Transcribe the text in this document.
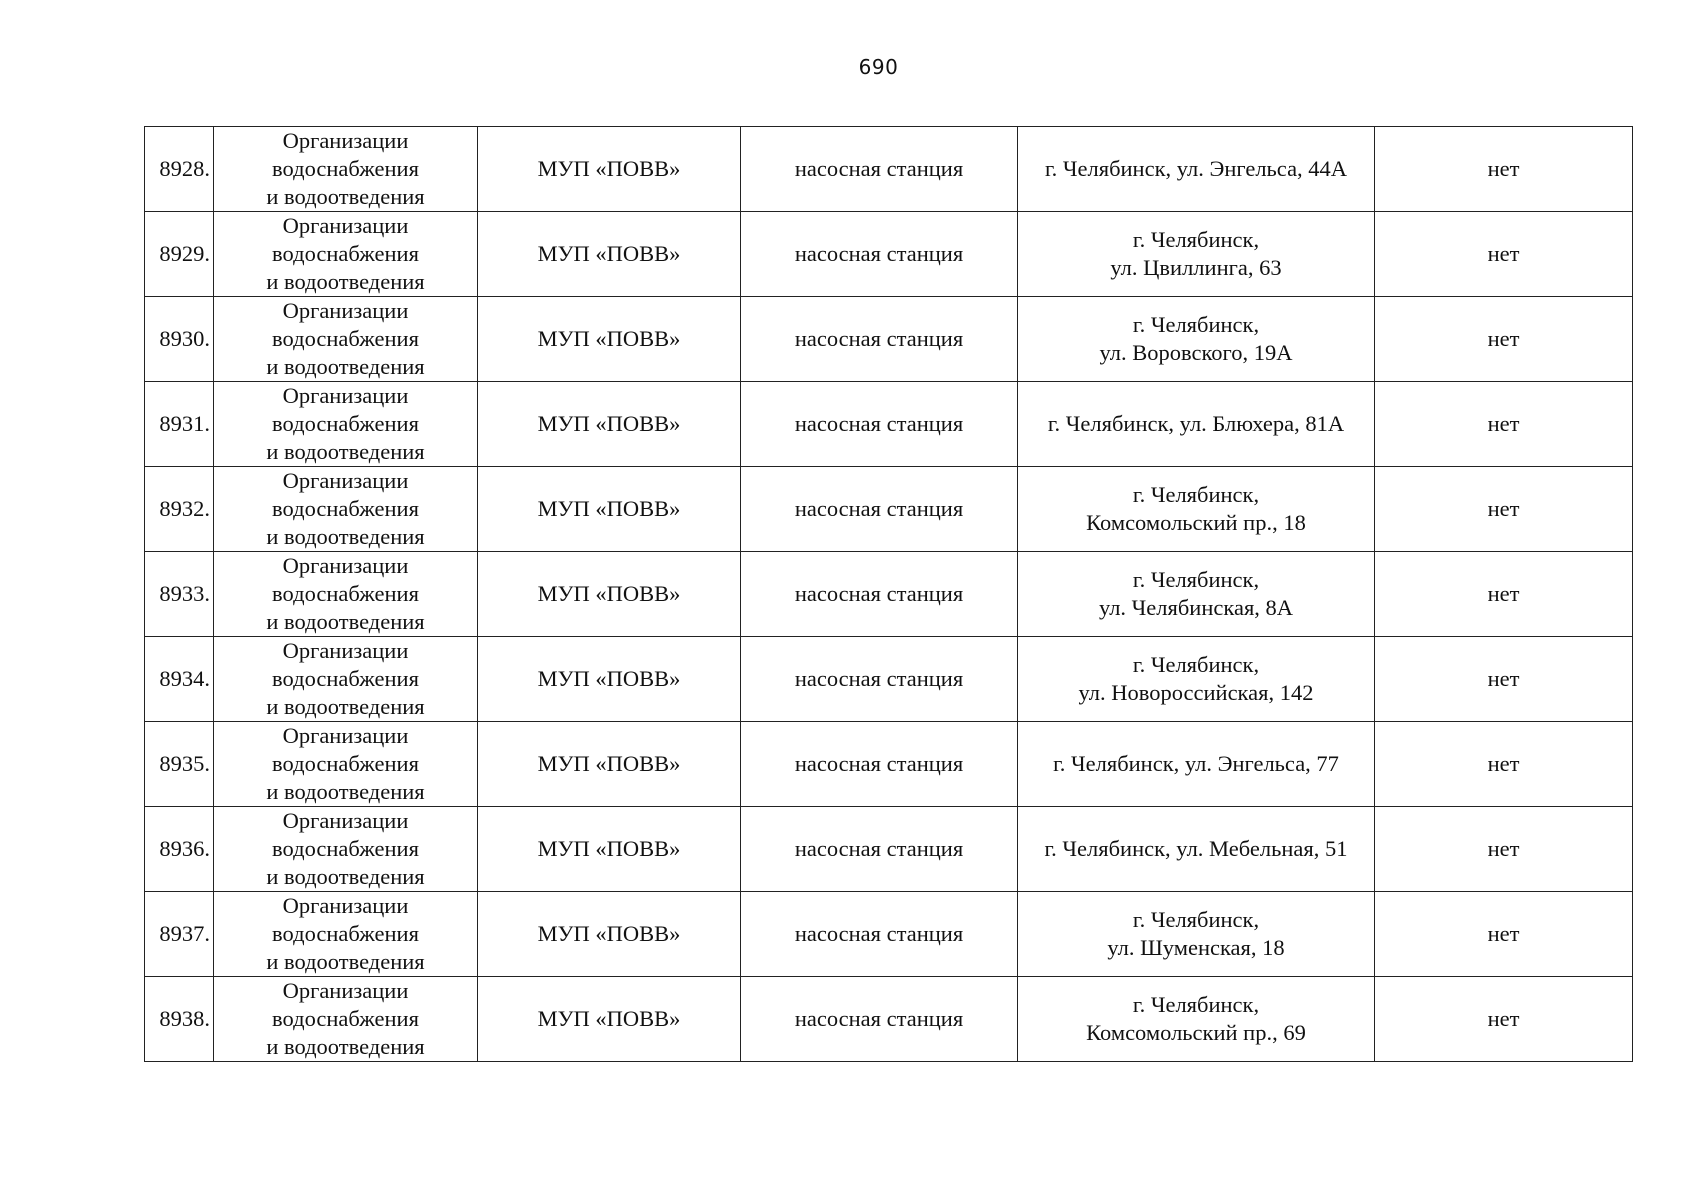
690
8928.	Организации
водоснабжения
и водоотведения	МУП «ПОВВ»	насосная станция	г. Челябинск, ул. Энгельса, 44А	нет
8929.	Организации
водоснабжения
и водоотведения	МУП «ПОВВ»	насосная станция	г. Челябинск,
ул. Цвиллинга, 63	нет
8930.	Организации
водоснабжения
и водоотведения	МУП «ПОВВ»	насосная станция	г. Челябинск,
ул. Воровского, 19А	нет
8931.	Организации
водоснабжения
и водоотведения	МУП «ПОВВ»	насосная станция	г. Челябинск, ул. Блюхера, 81А	нет
8932.	Организации
водоснабжения
и водоотведения	МУП «ПОВВ»	насосная станция	г. Челябинск,
Комсомольский пр., 18	нет
8933.	Организации
водоснабжения
и водоотведения	МУП «ПОВВ»	насосная станция	г. Челябинск,
ул. Челябинская, 8А	нет
8934.	Организации
водоснабжения
и водоотведения	МУП «ПОВВ»	насосная станция	г. Челябинск,
ул. Новороссийская, 142	нет
8935.	Организации
водоснабжения
и водоотведения	МУП «ПОВВ»	насосная станция	г. Челябинск, ул. Энгельса, 77	нет
8936.	Организации
водоснабжения
и водоотведения	МУП «ПОВВ»	насосная станция	г. Челябинск, ул. Мебельная, 51	нет
8937.	Организации
водоснабжения
и водоотведения	МУП «ПОВВ»	насосная станция	г. Челябинск,
ул. Шуменская, 18	нет
8938.	Организации
водоснабжения
и водоотведения	МУП «ПОВВ»	насосная станция	г. Челябинск,
Комсомольский пр., 69	нет
